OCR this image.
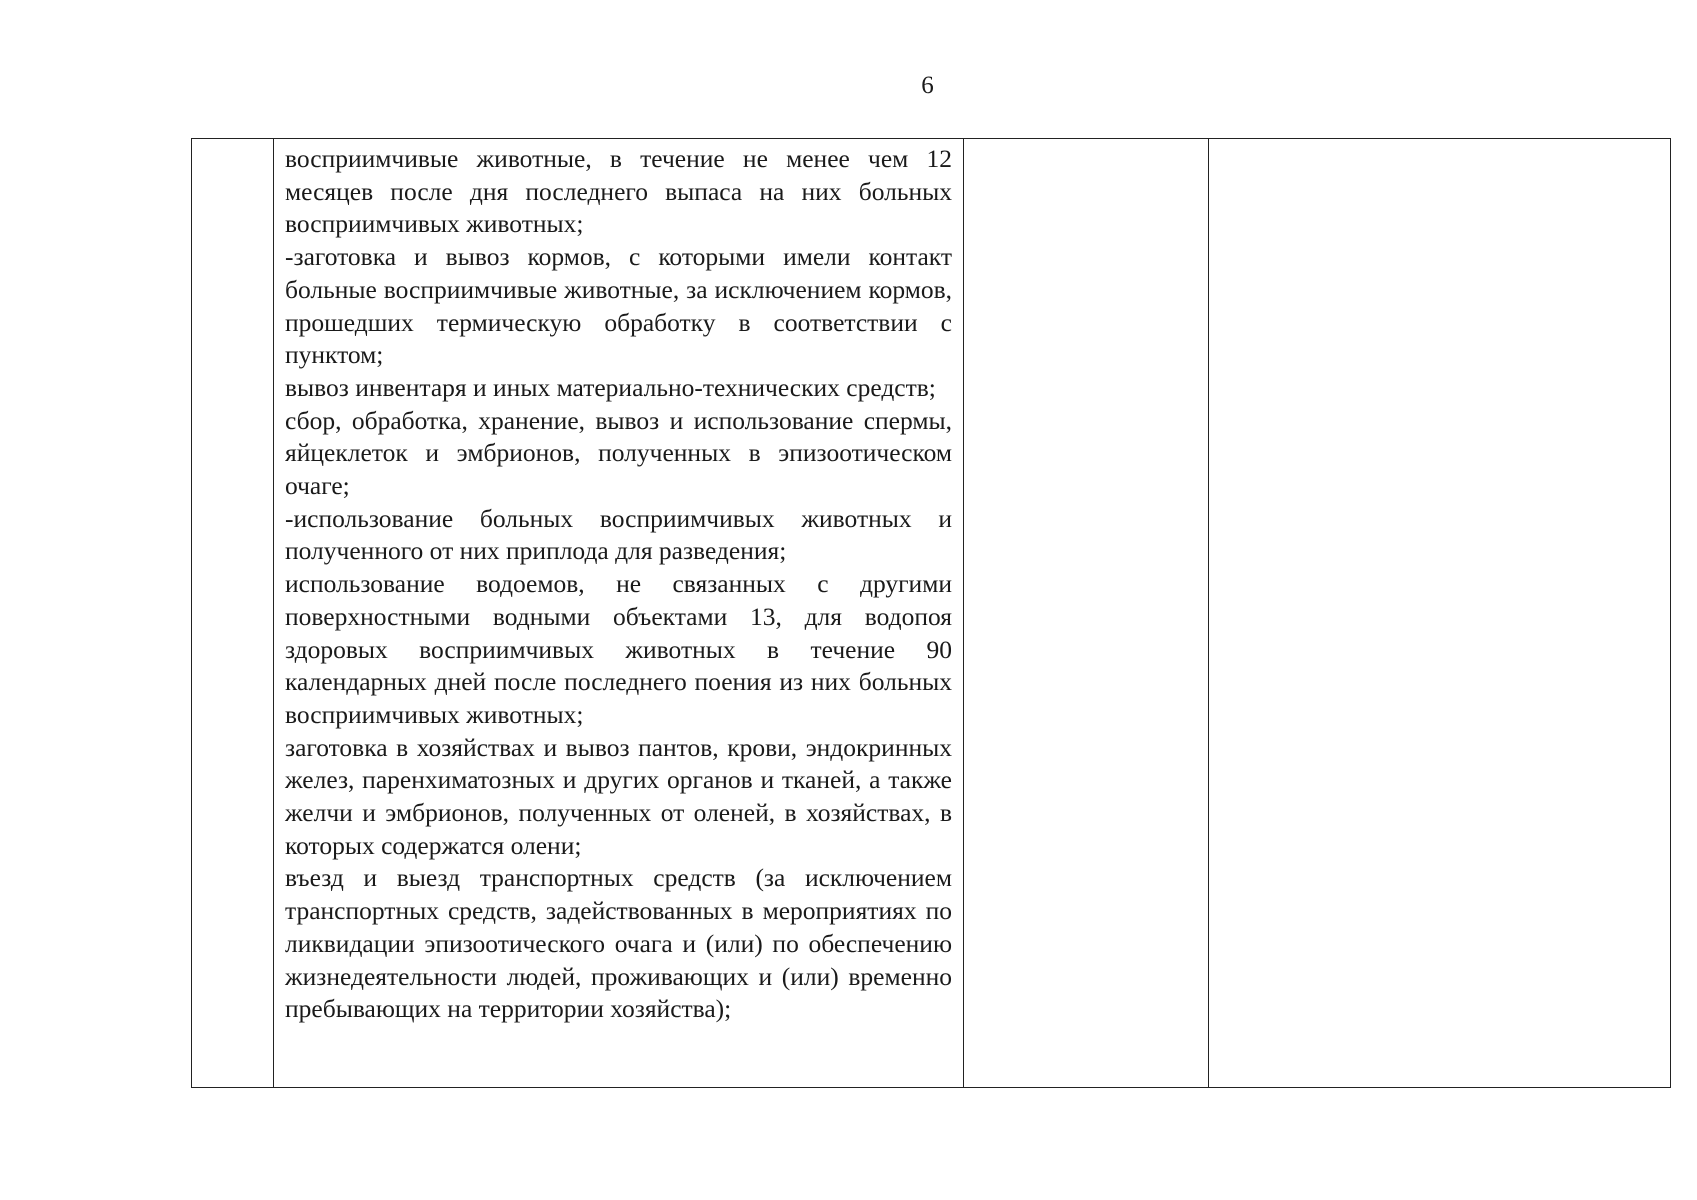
6

восприимчивые животные, в течение не менее чем 12 месяцев после дня последнего выпаса на них больных восприимчивых животных;

-заготовка и вывоз кормов, с которыми имели контакт больные восприимчивые животные, за исключением кормов, прошедших термическую обработку в соответствии с пунктом;

вывоз инвентаря и иных материально-технических средств;

сбор, обработка, хранение, вывоз и использование спермы, яйцеклеток и эмбрионов, полученных в эпизоотическом очаге;

-использование больных восприимчивых животных и полученного от них приплода для разведения;

использование водоемов, не связанных с другими поверхностными водными объектами 13, для водопоя здоровых восприимчивых животных в течение 90 календарных дней после последнего поения из них больных восприимчивых животных;

заготовка в хозяйствах и вывоз пантов, крови, эндокринных желез, паренхиматозных и других органов и тканей, а также желчи и эмбрионов, полученных от оленей, в хозяйствах, в которых содержатся олени;

въезд и выезд транспортных средств (за исключением транспортных средств, задействованных в мероприятиях по ликвидации эпизоотического очага и (или) по обеспечению жизнедеятельности людей, проживающих и (или) временно пребывающих на территории хозяйства);
